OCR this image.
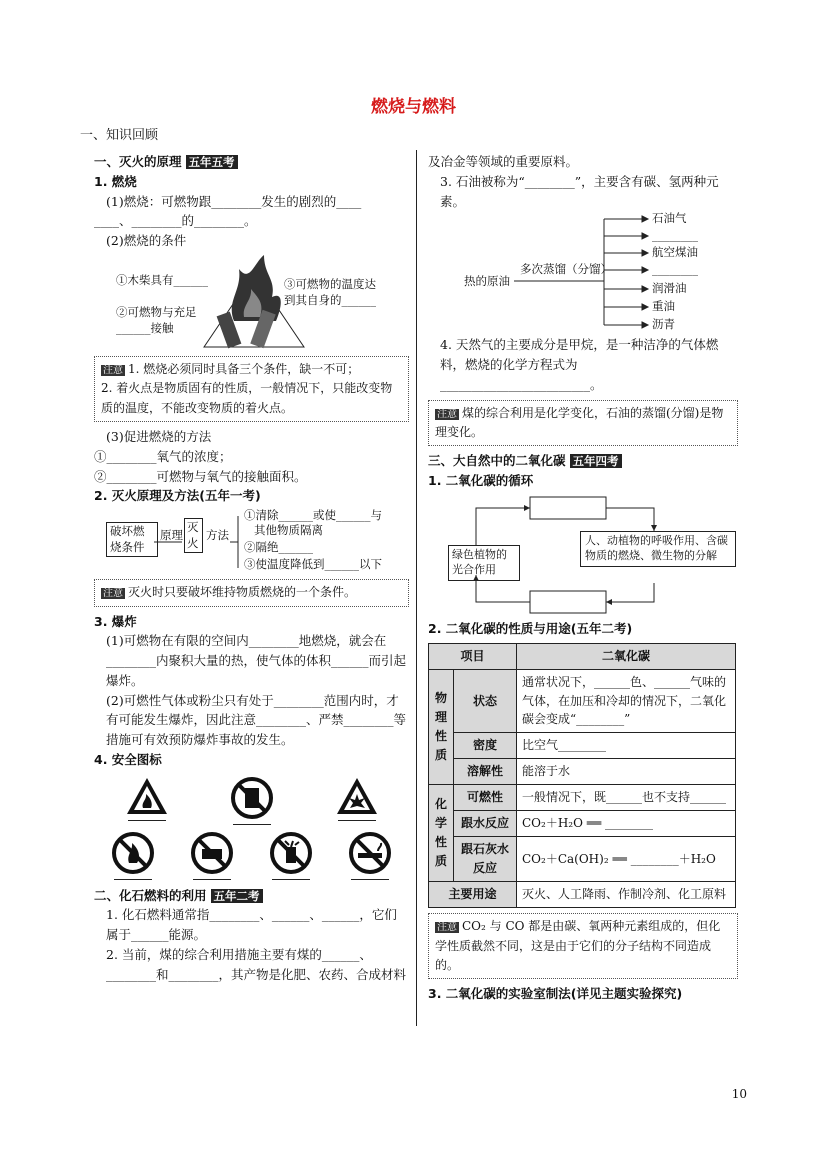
燃烧与燃料
一、知识回顾
一、灭火的原理 五年五考
1. 燃烧
(1)燃烧：可燃物跟________发生的剧烈的____
____、________的________。
(2)燃烧的条件
①木柴具有______
②可燃物与充足
______接触
③可燃物的温度达
到其自身的______
注意 1. 燃烧必须同时具备三个条件，缺一不可；
2. 着火点是物质固有的性质，一般情况下，只能改变物质的温度，不能改变物质的着火点。
(3)促进燃烧的方法
①________氧气的浓度；
②________可燃物与氧气的接触面积。
2. 灭火原理及方法(五年一考)
破坏燃烧条件
原理
灭火
方法
①清除______或使______与
其他物质隔离
②隔绝______
③使温度降低到______以下
注意 灭火时只要破坏维持物质燃烧的一个条件。
3. 爆炸
(1)可燃物在有限的空间内________地燃烧，就会在________内聚积大量的热，使气体的体积______而引起爆炸。
(2)可燃性气体或粉尘只有处于________范围内时，才有可能发生爆炸，因此注意________、严禁________等措施可有效预防爆炸事故的发生。
4. 安全图标
二、化石燃料的利用 五年二考
1. 化石燃料通常指________、______、______，它们属于______能源。
2. 当前，煤的综合利用措施主要有煤的______、________和________，其产物是化肥、农药、合成材料
及冶金等领域的重要原料。
3. 石油被称为“________”，主要含有碳、氢两种元素。
热的原油
多次蒸馏（分馏）
石油气
________
航空煤油
________
润滑油
重油
沥青
4. 天然气的主要成分是甲烷，是一种洁净的气体燃料，燃烧的化学方程式为________________________。
注意 煤的综合利用是化学变化，石油的蒸馏(分馏)是物理变化。
三、大自然中的二氧化碳 五年四考
1. 二氧化碳的循环
绿色植物的光合作用
人、动植物的呼吸作用、含碳物质的燃烧、微生物的分解
2. 二氧化碳的性质与用途(五年二考)
项目		二氧化碳
物理性质	状态	通常状况下，______色、______气味的气体，在加压和冷却的情况下，二氧化碳会变成“________”
	密度	比空气________
	溶解性	能溶于水
化学性质	可燃性	一般情况下，既______也不支持______
	跟水反应	CO₂＋H₂O ══ ________
	跟石灰水反应	CO₂＋Ca(OH)₂ ══ ________＋H₂O
主要用途		灭火、人工降雨、作制冷剂、化工原料
注意 CO₂ 与 CO 都是由碳、氧两种元素组成的，但化学性质截然不同，这是由于它们的分子结构不同造成的。
3. 二氧化碳的实验室制法(详见主题实验探究)
10
